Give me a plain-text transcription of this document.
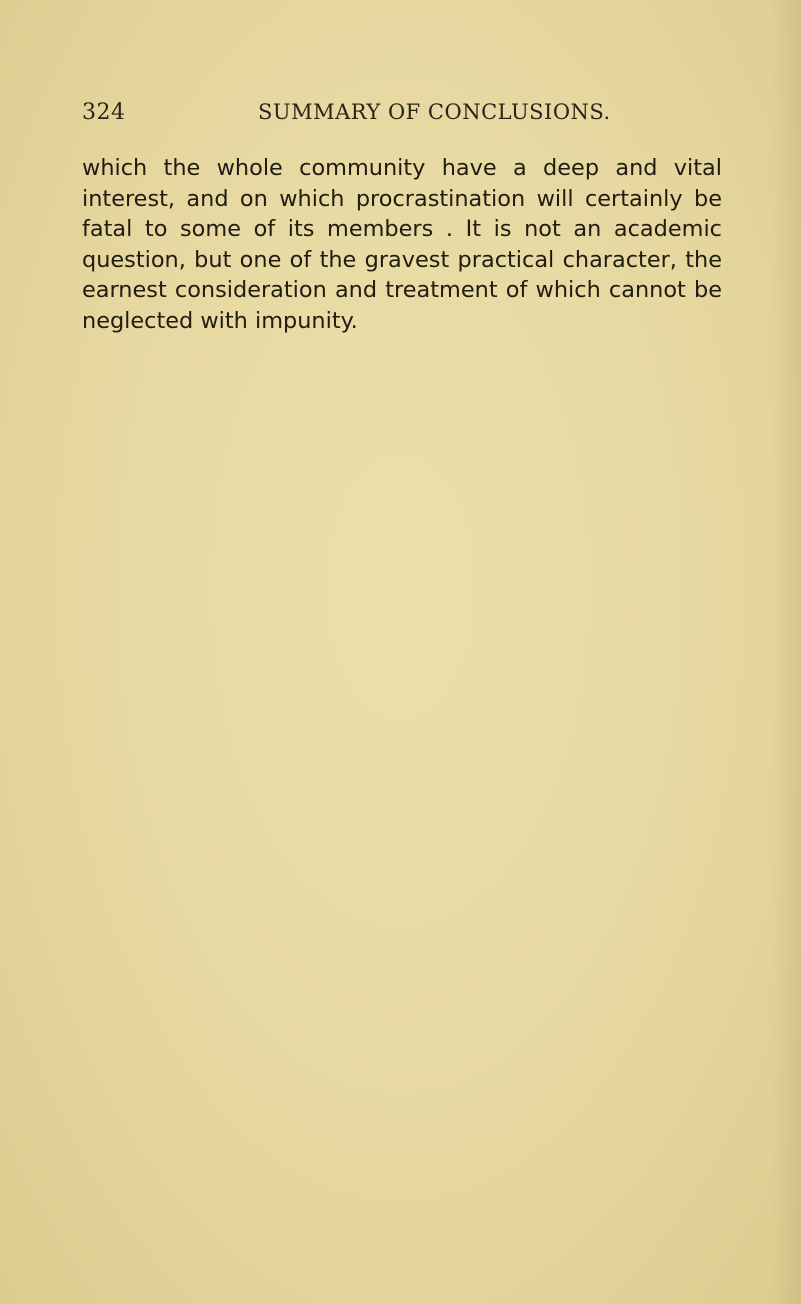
324	SUMMARY OF CONCLUSIONS.
which the whole community have a deep and vital
interest, and on which procrastination will certainly be
fatal to some of its members . It is not an academic
question, but one of the gravest practical character, the
earnest consideration and treatment of which cannot be
neglected with impunity.
